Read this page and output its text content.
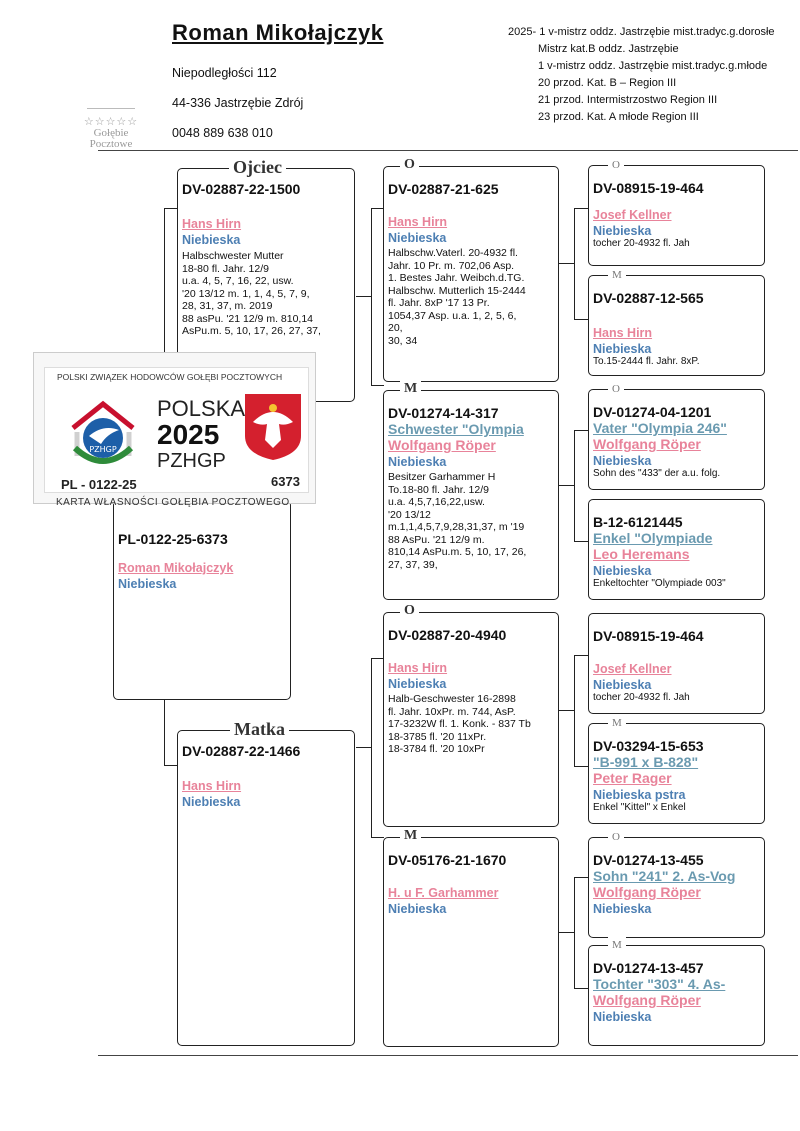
Roman Mikołajczyk
Niepodległości 112
44-336 Jastrzębie Zdrój
0048 889 638 010
☆☆☆☆☆
Gołębie
Pocztowe
2025- 1 v-mistrz oddz. Jastrzębie mist.tradyc.g.dorosłe
Mistrz kat.B oddz. Jastrzębie
1 v-mistrz oddz. Jastrzębie mist.tradyc.g.młode
20 przod. Kat. B – Region III
21 przod. Intermistrzostwo Region III
23 przod. Kat. A młode Region III
DV-02887-22-1500
Hans Hirn
Niebieska
Halbschwester Mutter
18-80 fl. Jahr. 12/9
u.a. 4, 5, 7, 16, 22, usw.
'20 13/12 m. 1, 1, 4, 5, 7, 9,
28, 31, 37, m. 2019
88 asPu. '21 12/9 m. 810,14
AsPu.m. 5, 10, 17, 26, 27, 37,
Ojciec
PL-0122-25-6373
Roman Mikołajczyk
Niebieska
DV-02887-22-1466
Hans Hirn
Niebieska
Matka
DV-02887-21-625
Hans Hirn
Niebieska
Halbschw.Vaterl. 20-4932 fl.
Jahr. 10 Pr. m. 702,06 Asp.
1. Bestes Jahr. Weibch.d.TG.
Halbschw. Mutterlich 15-2444
fl. Jahr. 8xP '17 13 Pr.
1054,37 Asp. u.a. 1, 2, 5, 6,
20,
30, 34
O
DV-01274-14-317
Schwester "Olympia
Wolfgang Röper
Niebieska
Besitzer Garhammer H
To.18-80 fl. Jahr. 12/9
u.a. 4,5,7,16,22,usw.
'20 13/12
m.1,1,4,5,7,9,28,31,37, m '19
88 AsPu. '21 12/9 m.
810,14 AsPu.m. 5, 10, 17, 26,
27, 37, 39,
M
DV-02887-20-4940
Hans Hirn
Niebieska
Halb-Geschwester 16-2898
fl. Jahr. 10xPr. m. 744, AsP.
17-3232W fl. 1. Konk. - 837 Tb
18-3785 fl. '20 11xPr.
18-3784 fl. '20 10xPr
O
DV-05176-21-1670
H. u F. Garhammer
Niebieska
M
DV-08915-19-464
Josef Kellner
Niebieska
tocher 20-4932 fl. Jah
O
DV-02887-12-565
Hans Hirn
Niebieska
To.15-2444 fl. Jahr. 8xP.
M
DV-01274-04-1201
Vater "Olympia 246"
Wolfgang Röper
Niebieska
Sohn des "433" der a.u. folg.
O
B-12-6121445
Enkel "Olympiade
Leo Heremans
Niebieska
Enkeltochter "Olympiade 003"
DV-08915-19-464
Josef Kellner
Niebieska
tocher 20-4932 fl. Jah
DV-03294-15-653
"B-991 x B-828"
Peter Rager
Niebieska pstra
Enkel "Kittel" x Enkel
M
DV-01274-13-455
Sohn "241" 2. As-Vog
Wolfgang Röper
Niebieska
O
DV-01274-13-457
Tochter "303" 4. As-
Wolfgang Röper
Niebieska
M
POLSKI ZWIĄZEK HODOWCÓW GOŁĘBI POCZTOWYCH
PZHGP
POLSKA
2025
PZHGP
PL - 0122-25	6373
KARTA WŁASNOŚCI GOŁĘBIA POCZTOWEGO
